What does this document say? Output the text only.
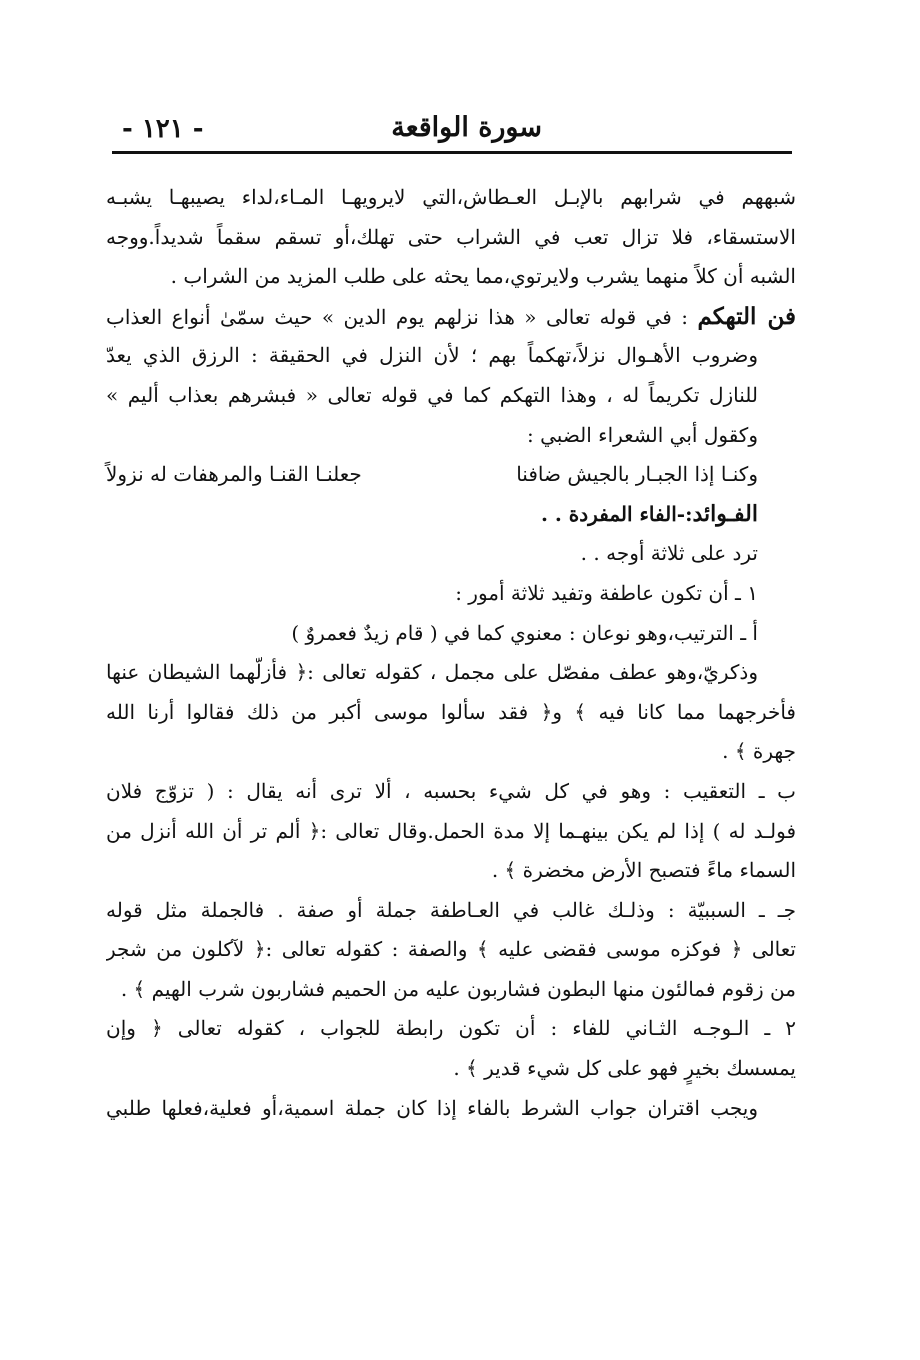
سورة الواقعة
- ١٢١ -
شبههم في شرابهم بالإبـل العـطاش،التي لايرويهـا المـاء،لداء يصيبهـا يشبـه
الاستسقاء، فلا تزال تعب في الشراب حتى تهلك،أو تسقم سقماً شديداً.ووجه
الشبه أن كلاً منهما يشرب ولايرتوي،مما يحثه على طلب المزيد من الشراب .
فن التهكم : في قوله تعالى « هذا نزلهم يوم الدين » حيث سمّىٰ أنواع العذاب
وضروب الأهـوال نزلاً،تهكماً بهم ؛ لأن النزل في الحقيقة : الرزق الذي يعدّ
للنازل تكريماً له ، وهذا التهكم كما في قوله تعالى « فبشرهم بعذاب أليم »
وكقول أبي الشعراء الضبي :
وكنـا إذا الجبـار بالجيش ضافنا
جعلنـا القنـا والمرهفات له نزولاً
الفـوائد:-الفاء المفردة . .
ترد على ثلاثة أوجه . .
١ ـ أن تكون عاطفة وتفيد ثلاثة أمور :
أ ـ الترتيب،وهو نوعان : معنوي كما في ( قام زيدٌ فعمروٌ )
وذكريّ،وهو عطف مفصّل على مجمل ، كقوله تعالى :﴿ فأزلّهما الشيطان عنها
فأخرجهما مما كانا فيه ﴾ و﴿ فقد سألوا موسى أكبر من ذلك فقالوا أرنا الله
جهرة ﴾ .
ب ـ التعقيب : وهو في كل شيء بحسبه ، ألا ترى أنه يقال : ( تزوّج فلان
فولـد له ) إذا لم يكن بينهـما إلا مدة الحمل.وقال تعالى :﴿ ألم تر أن الله أنزل من
السماء ماءً فتصبح الأرض مخضرة ﴾ .
جـ ـ السببيّة : وذلـك غالب في العـاطفة جملة أو صفة . فالجملة مثل قوله
تعالى ﴿ فوكزه موسى فقضى عليه ﴾ والصفة : كقوله تعالى :﴿ لآكلون من شجر
من زقوم فمالئون منها البطون فشاربون عليه من الحميم فشاربون شرب الهيم ﴾ .
٢ ـ الـوجـه الثـاني للفاء : أن تكون رابطة للجواب ، كقوله تعالى ﴿ وإن
يمسسك بخيرٍ فهو على كل شيء قدير ﴾ .
ويجب اقتران جواب الشرط بالفاء إذا كان جملة اسمية،أو فعلية،فعلها طلبي
